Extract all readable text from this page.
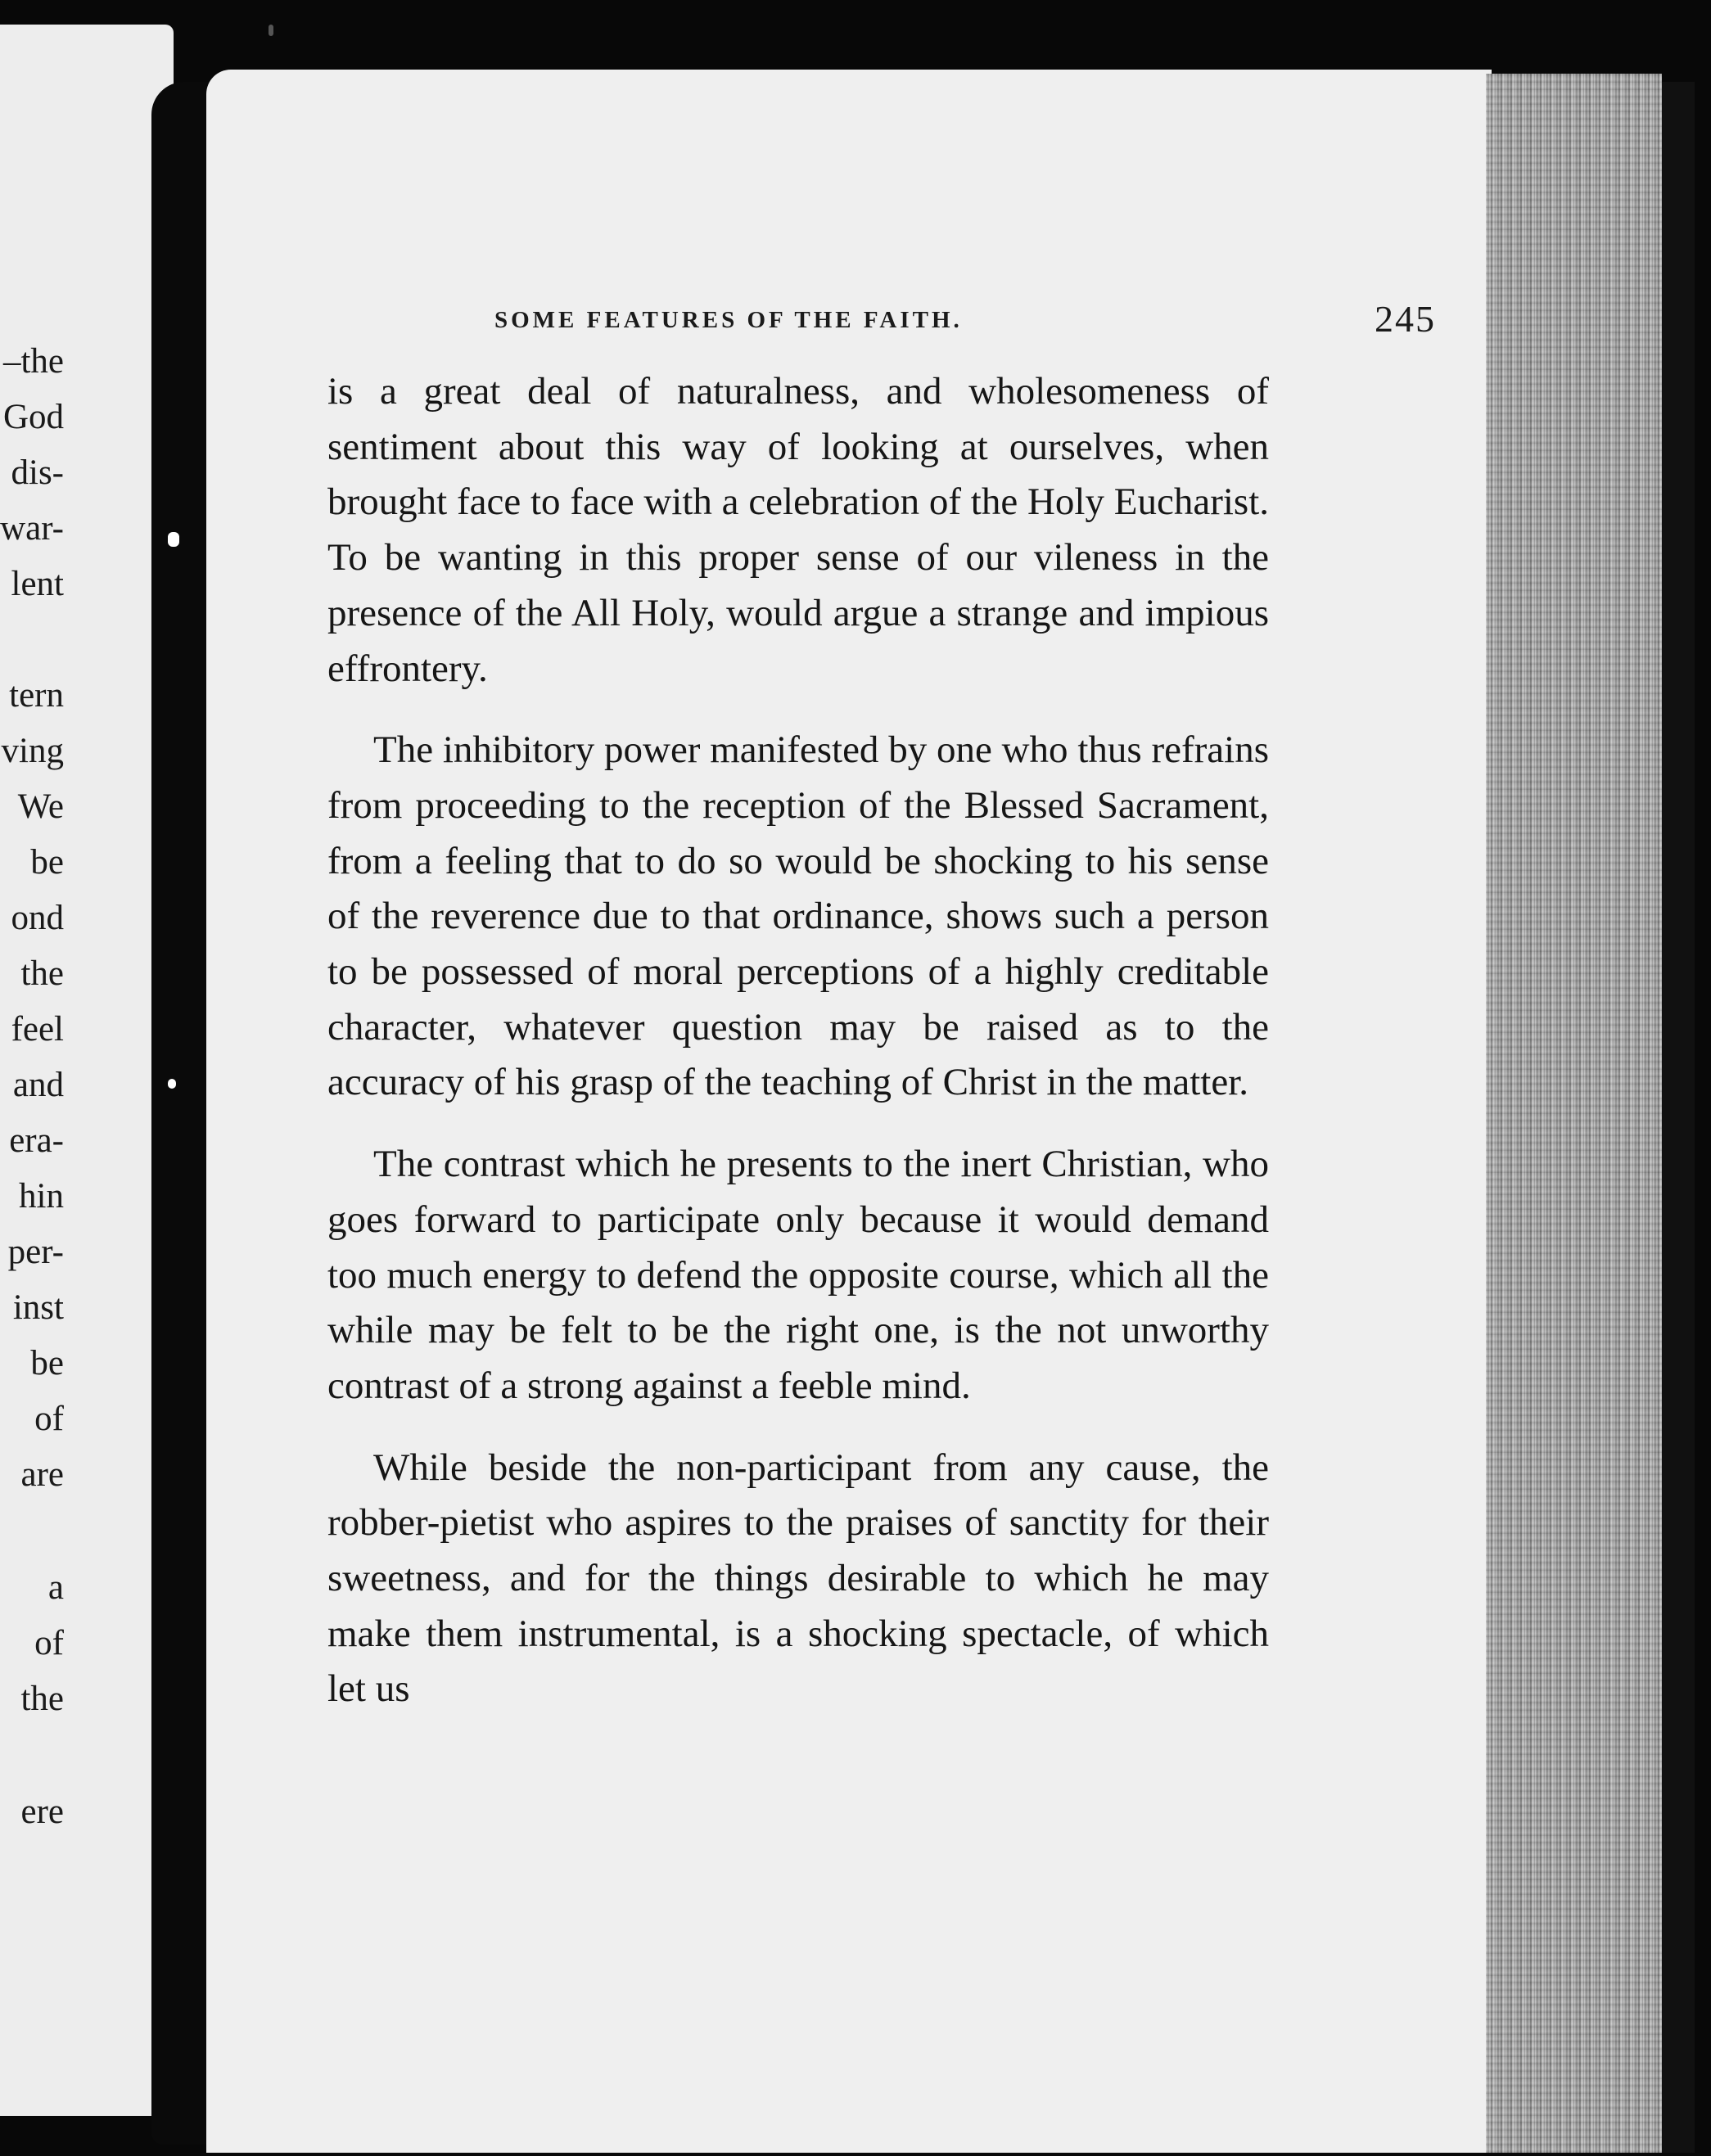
–the
God
dis-
war-
lent
tern
ving
We
be
ond
the
feel
and
era-
hin
per-
inst
be
of
are
a
of
the
ere
SOME FEATURES OF THE FAITH.	245

is a great deal of naturalness, and wholesomeness of sentiment about this way of looking at ourselves, when brought face to face with a celebration of the Holy Eucharist. To be wanting in this proper sense of our vileness in the presence of the All Holy, would argue a strange and impious effrontery.

The inhibitory power manifested by one who thus refrains from proceeding to the reception of the Blessed Sacrament, from a feeling that to do so would be shocking to his sense of the reverence due to that ordinance, shows such a person to be possessed of moral perceptions of a highly creditable character, whatever question may be raised as to the accuracy of his grasp of the teaching of Christ in the matter.

The contrast which he presents to the inert Christian, who goes forward to participate only because it would demand too much energy to defend the opposite course, which all the while may be felt to be the right one, is the not unworthy contrast of a strong against a feeble mind.

While beside the non-participant from any cause, the robber-pietist who aspires to the praises of sanctity for their sweetness, and for the things desirable to which he may make them instrumental, is a shocking spectacle, of which let us
